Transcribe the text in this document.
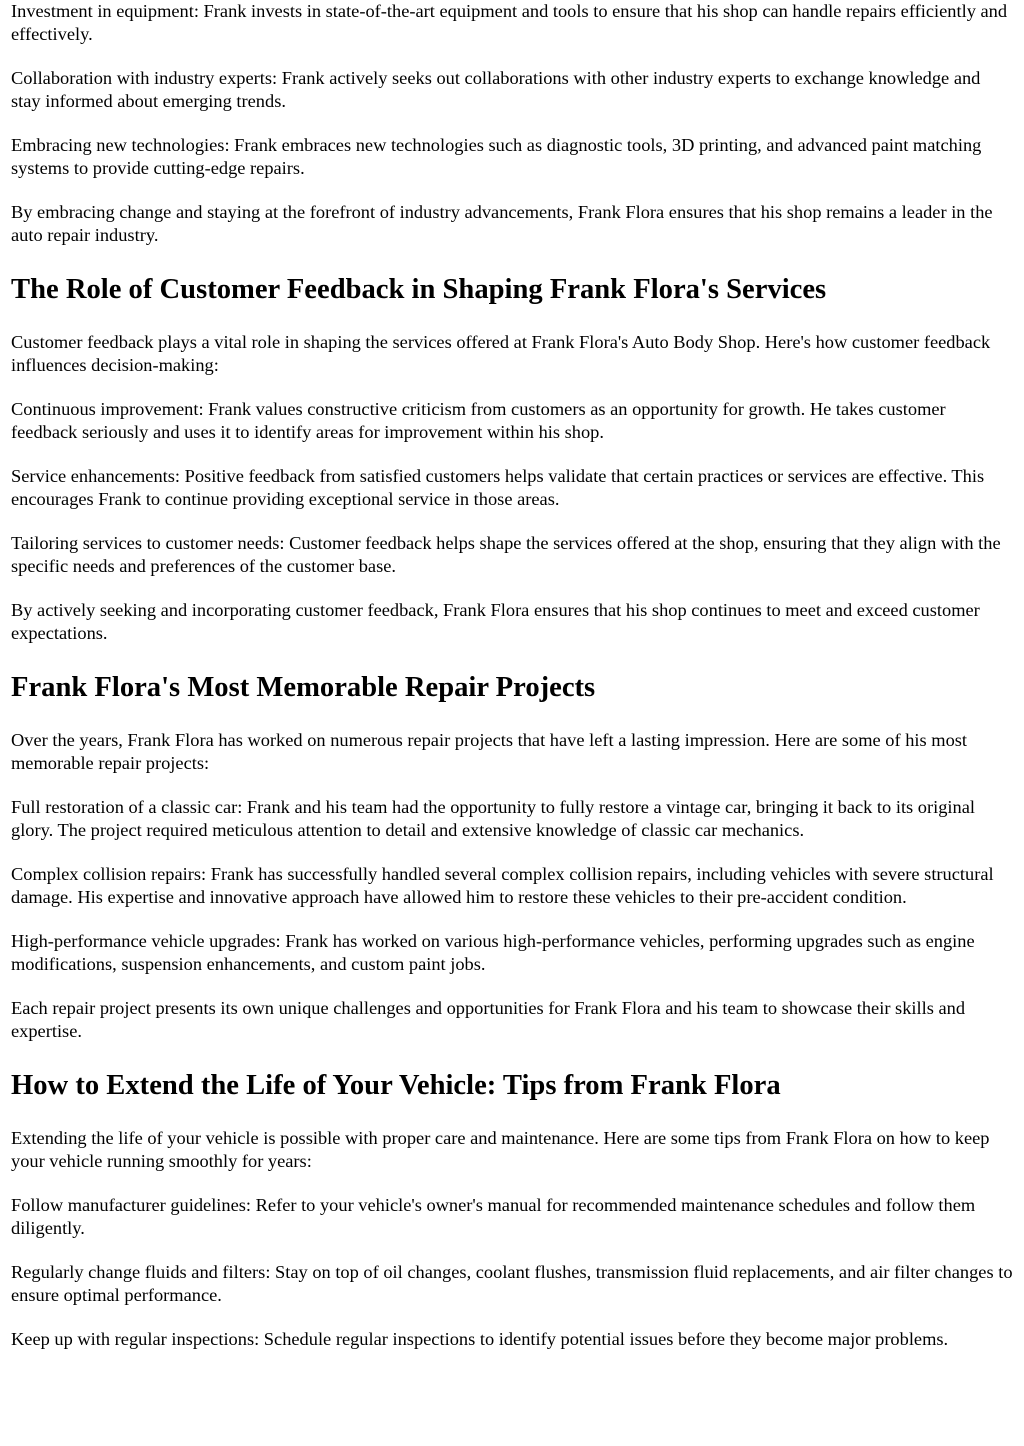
Investment in equipment: Frank invests in state-of-the-art equipment and tools to ensure that his shop can handle repairs efficiently and effectively.

Collaboration with industry experts: Frank actively seeks out collaborations with other industry experts to exchange knowledge and stay informed about emerging trends.

Embracing new technologies: Frank embraces new technologies such as diagnostic tools, 3D printing, and advanced paint matching systems to provide cutting-edge repairs.

By embracing change and staying at the forefront of industry advancements, Frank Flora ensures that his shop remains a leader in the auto repair industry.

The Role of Customer Feedback in Shaping Frank Flora's Services

Customer feedback plays a vital role in shaping the services offered at Frank Flora's Auto Body Shop. Here's how customer feedback influences decision-making:

Continuous improvement: Frank values constructive criticism from customers as an opportunity for growth. He takes customer feedback seriously and uses it to identify areas for improvement within his shop.

Service enhancements: Positive feedback from satisfied customers helps validate that certain practices or services are effective. This encourages Frank to continue providing exceptional service in those areas.

Tailoring services to customer needs: Customer feedback helps shape the services offered at the shop, ensuring that they align with the specific needs and preferences of the customer base.

By actively seeking and incorporating customer feedback, Frank Flora ensures that his shop continues to meet and exceed customer expectations.

Frank Flora's Most Memorable Repair Projects

Over the years, Frank Flora has worked on numerous repair projects that have left a lasting impression. Here are some of his most memorable repair projects:

Full restoration of a classic car: Frank and his team had the opportunity to fully restore a vintage car, bringing it back to its original glory. The project required meticulous attention to detail and extensive knowledge of classic car mechanics.

Complex collision repairs: Frank has successfully handled several complex collision repairs, including vehicles with severe structural damage. His expertise and innovative approach have allowed him to restore these vehicles to their pre-accident condition.

High-performance vehicle upgrades: Frank has worked on various high-performance vehicles, performing upgrades such as engine modifications, suspension enhancements, and custom paint jobs.

Each repair project presents its own unique challenges and opportunities for Frank Flora and his team to showcase their skills and expertise.

How to Extend the Life of Your Vehicle: Tips from Frank Flora

Extending the life of your vehicle is possible with proper care and maintenance. Here are some tips from Frank Flora on how to keep your vehicle running smoothly for years:

Follow manufacturer guidelines: Refer to your vehicle's owner's manual for recommended maintenance schedules and follow them diligently.

Regularly change fluids and filters: Stay on top of oil changes, coolant flushes, transmission fluid replacements, and air filter changes to ensure optimal performance.

Keep up with regular inspections: Schedule regular inspections to identify potential issues before they become major problems.
